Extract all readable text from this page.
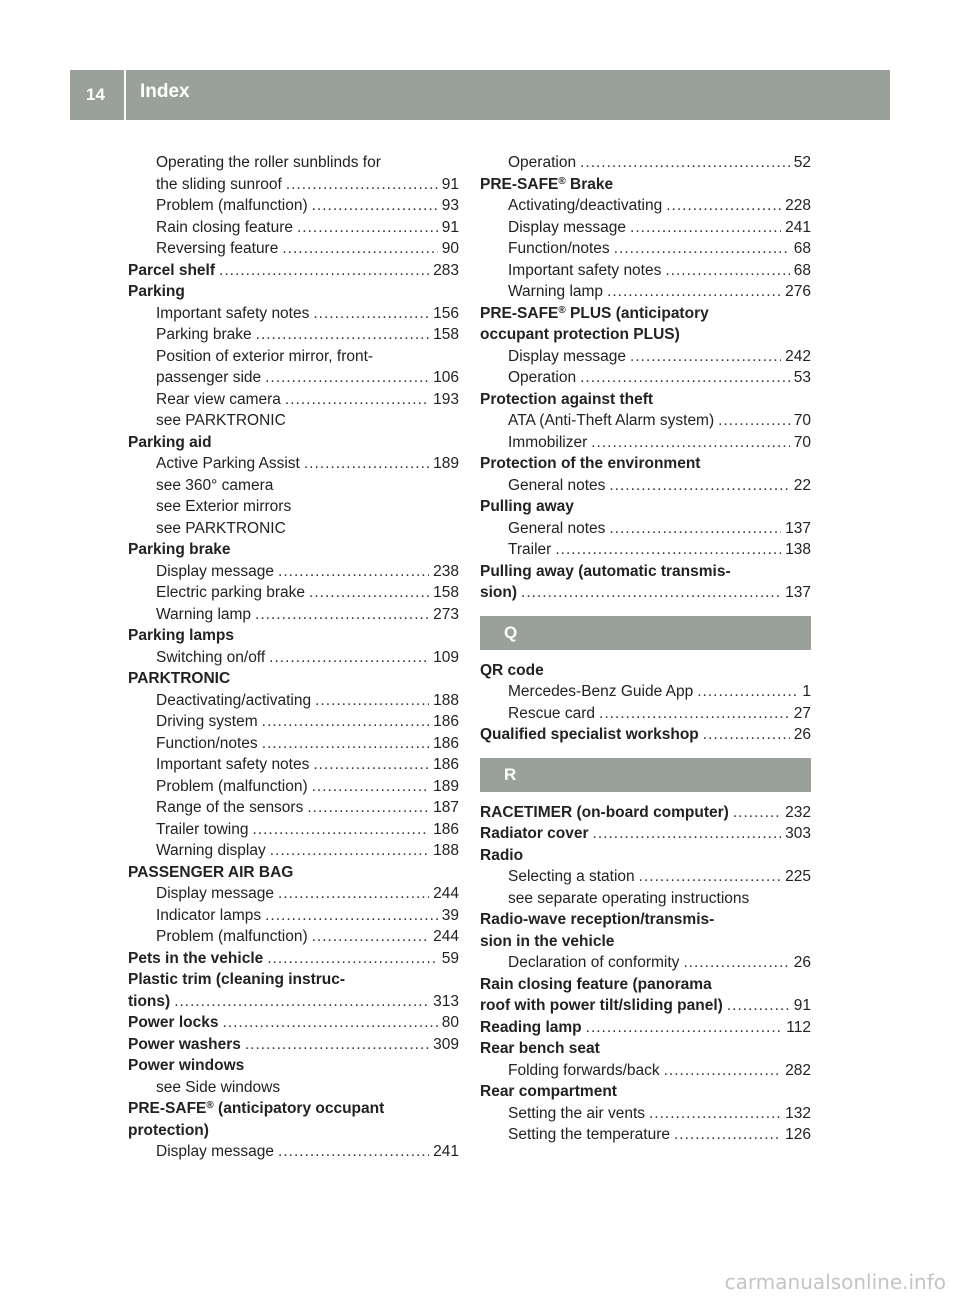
14	Index
Operating the roller sunblinds for
the sliding sunroof .....	91
Problem (malfunction) .....	93
Rain closing feature .....	91
Reversing feature .....	90
Parcel shelf .....	283
Parking
Important safety notes .....	156
Parking brake .....	158
Position of exterior mirror, front-
passenger side .....	106
Rear view camera .....	193
see PARKTRONIC
Parking aid
Active Parking Assist .....	189
see 360° camera
see Exterior mirrors
see PARKTRONIC
Parking brake
Display message .....	238
Electric parking brake .....	158
Warning lamp .....	273
Parking lamps
Switching on/off .....	109
PARKTRONIC
Deactivating/activating .....	188
Driving system .....	186
Function/notes .....	186
Important safety notes .....	186
Problem (malfunction) .....	189
Range of the sensors .....	187
Trailer towing .....	186
Warning display .....	188
PASSENGER AIR BAG
Display message .....	244
Indicator lamps .....	39
Problem (malfunction) .....	244
Pets in the vehicle .....	59
Plastic trim (cleaning instruc-
tions) .....	313
Power locks .....	80
Power washers .....	309
Power windows
see Side windows
PRE-SAFE® (anticipatory occupant
protection)
Display message .....	241
Operation .....	52
PRE-SAFE® Brake
Activating/deactivating .....	228
Display message .....	241
Function/notes .....	68
Important safety notes .....	68
Warning lamp .....	276
PRE-SAFE® PLUS (anticipatory
occupant protection PLUS)
Display message .....	242
Operation .....	53
Protection against theft
ATA (Anti-Theft Alarm system) .....	70
Immobilizer .....	70
Protection of the environment
General notes .....	22
Pulling away
General notes .....	137
Trailer .....	138
Pulling away (automatic transmis-
sion) .....	137
Q
QR code
Mercedes-Benz Guide App .....	1
Rescue card .....	27
Qualified specialist workshop .....	26
R
RACETIMER (on-board computer) .....	232
Radiator cover .....	303
Radio
Selecting a station .....	225
see separate operating instructions
Radio-wave reception/transmis-
sion in the vehicle
Declaration of conformity .....	26
Rain closing feature (panorama
roof with power tilt/sliding panel) .....	91
Reading lamp .....	112
Rear bench seat
Folding forwards/back .....	282
Rear compartment
Setting the air vents .....	132
Setting the temperature .....	126
carmanualsonline.info
